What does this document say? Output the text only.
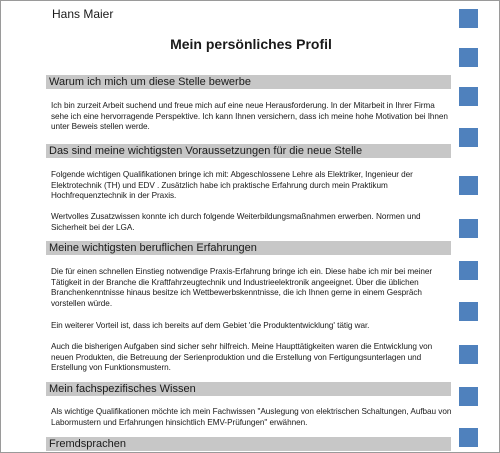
Hans Maier
Mein persönliches Profil
Warum ich mich um diese Stelle bewerbe
Ich bin zurzeit Arbeit suchend und freue mich auf eine neue Herausforderung. In der Mitarbeit in Ihrer Firma sehe ich eine hervorragende Perspektive. Ich kann Ihnen versichern, dass ich meine hohe Motivation bei Ihnen unter Beweis stellen werde.
Das sind meine wichtigsten Voraussetzungen für die neue Stelle
Folgende wichtigen Qualifikationen bringe ich mit: Abgeschlossene Lehre als Elektriker, Ingenieur der Elektrotechnik (TH) und EDV . Zusätzlich habe ich praktische Erfahrung durch mein Praktikum Hochfrequenztechnik in der Praxis.
Wertvolles Zusatzwissen konnte ich durch folgende Weiterbildungsmaßnahmen erwerben. Normen und Sicherheit bei der LGA.
Meine wichtigsten beruflichen Erfahrungen
Die für einen schnellen Einstieg notwendige Praxis-Erfahrung bringe ich ein. Diese habe ich mir bei meiner Tätigkeit in der Branche die Kraftfahrzeugtechnik und Industrieelektronik angeeignet. Über die üblichen Branchenkenntnisse hinaus besitze ich Wettbewerbskenntnisse, die ich Ihnen gerne in einem Gespräch vorstellen würde.
Ein weiterer Vorteil ist, dass ich bereits auf dem Gebiet 'die Produktentwicklung' tätig war.
Auch die bisherigen Aufgaben sind sicher sehr hilfreich. Meine Haupttätigkeiten waren die Entwicklung von neuen Produkten, die Betreuung der Serienproduktion und die Erstellung von Fertigungsunterlagen und Erstellung von Funktionsmustern.
Mein fachspezifisches Wissen
Als wichtige Qualifikationen möchte ich mein Fachwissen "Auslegung von elektrischen Schaltungen, Aufbau von Labormustern und Erfahrungen hinsichtlich EMV-Prüfungen" erwähnen.
Fremdsprachen
